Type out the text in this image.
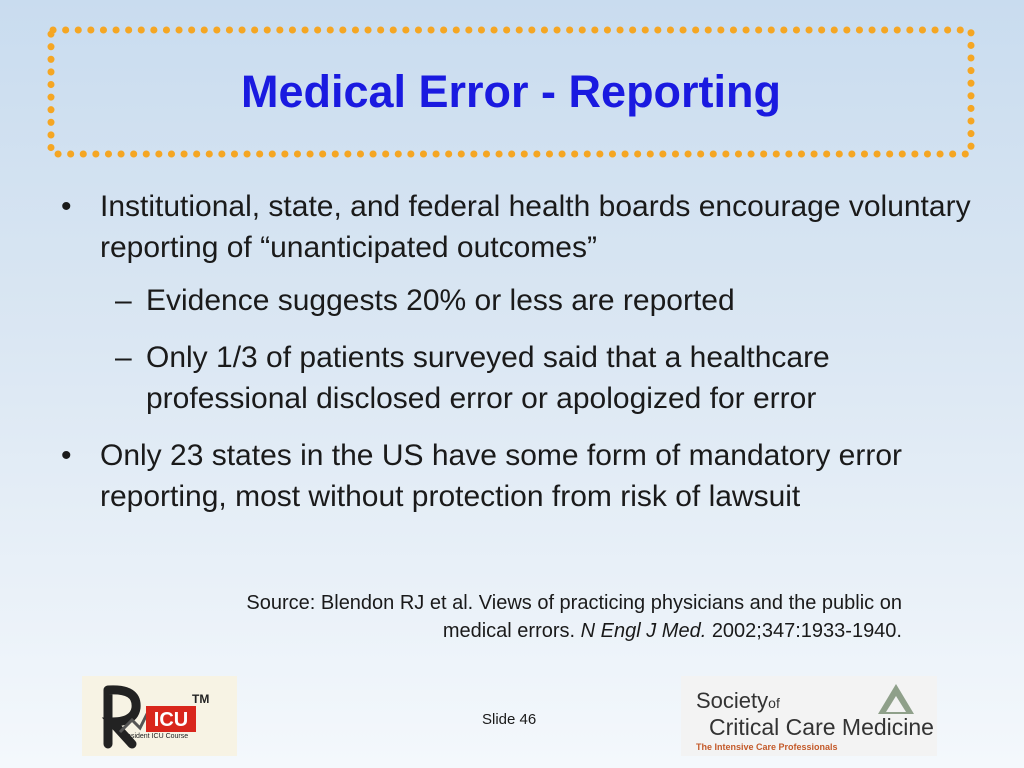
Medical Error - Reporting
• Institutional, state, and federal health boards encourage voluntary reporting of “unanticipated outcomes”
– Evidence suggests 20% or less are reported
– Only 1/3 of patients surveyed said that a healthcare professional disclosed error or apologized for error
• Only 23 states in the US have some form of mandatory error reporting, most without protection from risk of lawsuit
Source: Blendon RJ et al. Views of practicing physicians and the public on medical errors. N Engl J Med. 2002;347:1933-1940.
Slide 46
ICU
TM
Resident ICU Course
Societyof
Critical Care Medicine
The Intensive Care Professionals
